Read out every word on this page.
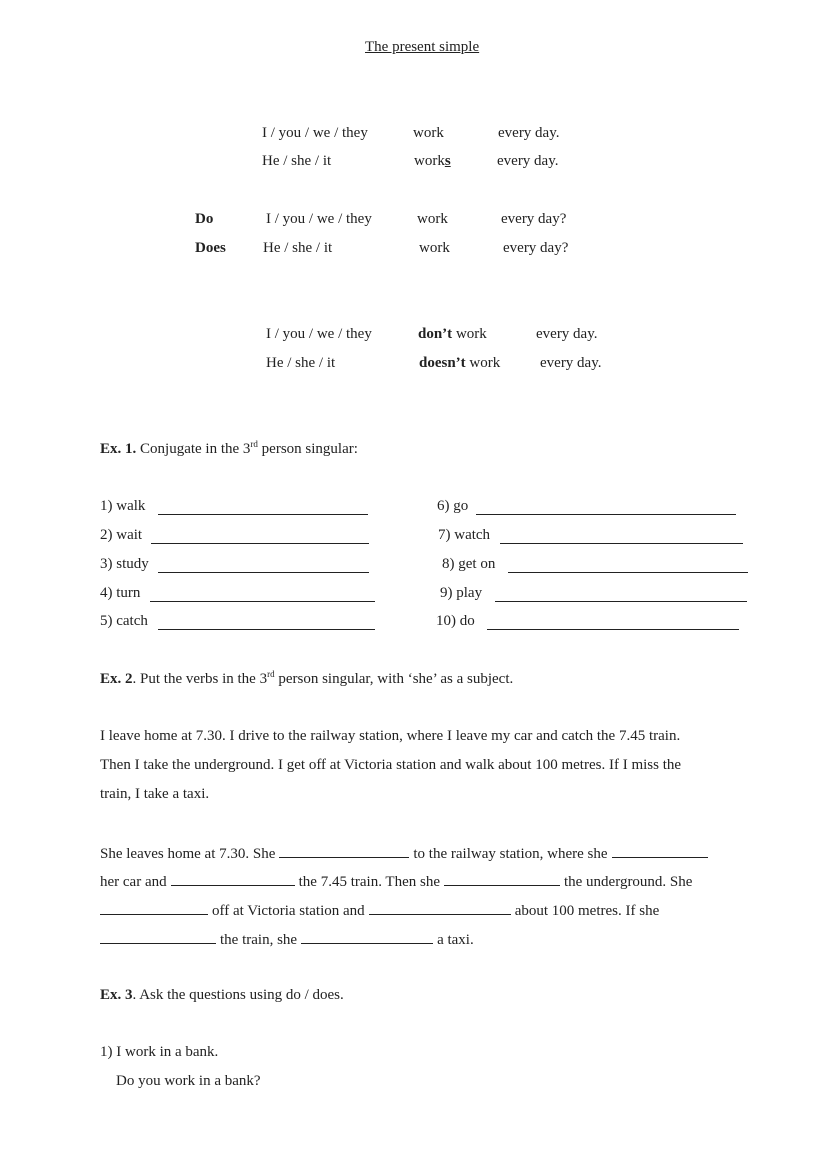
The present simple
I / you / we / they	work	every day.
He / she / it	works	every day.
Do	I / you / we / they	work	every day?
Does He / she / it	work	every day?
I / you / we / they	don’t work	every day.
He / she / it	doesn’t work	every day.
Ex. 1. Conjugate in the 3rd person singular:
1) walk
2) wait
3) study
4) turn
5) catch
6) go
7) watch
8) get on
9) play
10) do
Ex. 2. Put the verbs in the 3rd person singular, with ‘she’ as a subject.
I leave home at 7.30. I drive to the railway station, where I leave my car and catch the 7.45 train.
Then I take the underground. I get off at Victoria station and walk about 100 metres. If I miss the
train, I take a taxi.
She leaves home at 7.30. She	to the railway station, where she
her car and	the 7.45 train. Then she	the underground. She
off at Victoria station and	about 100 metres. If she
the train, she	a taxi.
Ex. 3. Ask the questions using do / does.
1) I work in a bank.
Do you work in a bank?
